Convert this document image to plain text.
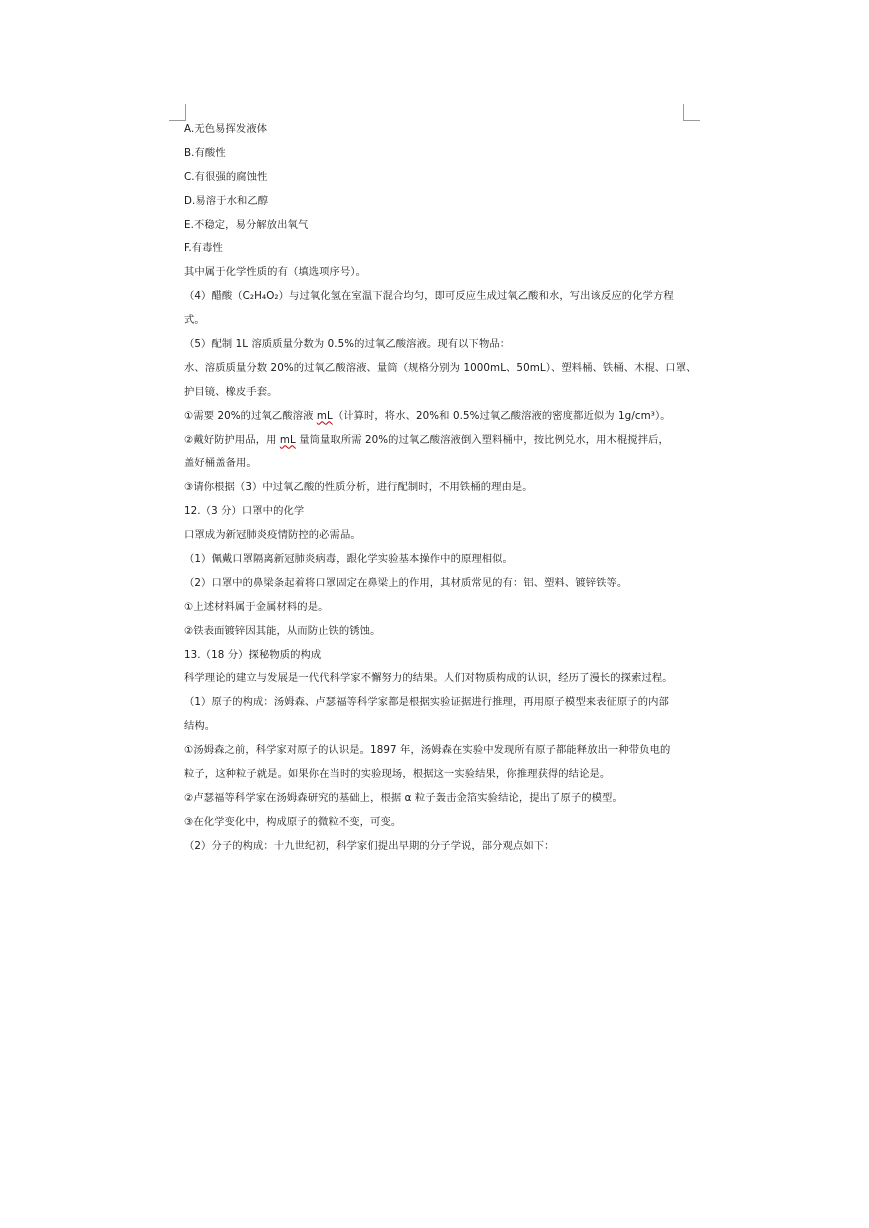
A.无色易挥发液体
B.有酸性
C.有很强的腐蚀性
D.易溶于水和乙醇
E.不稳定，易分解放出氧气
F.有毒性
其中属于化学性质的有（填选项序号）。
（4）醋酸（C₂H₄O₂）与过氧化氢在室温下混合均匀，即可反应生成过氧乙酸和水，写出该反应的化学方程
式。
（5）配制 1L 溶质质量分数为 0.5%的过氧乙酸溶液。现有以下物品：
水、溶质质量分数 20%的过氧乙酸溶液、量筒（规格分别为 1000mL、50mL）、塑料桶、铁桶、木棍、口罩、
护目镜、橡皮手套。
①需要 20%的过氧乙酸溶液 mL（计算时，将水、20%和 0.5%过氧乙酸溶液的密度都近似为 1g/cm³）。
②戴好防护用品，用 mL 量筒量取所需 20%的过氧乙酸溶液倒入塑料桶中，按比例兑水，用木棍搅拌后，
盖好桶盖备用。
③请你根据（3）中过氧乙酸的性质分析，进行配制时，不用铁桶的理由是。
12.（3 分）口罩中的化学
口罩成为新冠肺炎疫情防控的必需品。
（1）佩戴口罩隔离新冠肺炎病毒，跟化学实验基本操作中的原理相似。
（2）口罩中的鼻梁条起着将口罩固定在鼻梁上的作用，其材质常见的有：铝、塑料、镀锌铁等。
①上述材料属于金属材料的是。
②铁表面镀锌因其能，从而防止铁的锈蚀。
13.（18 分）探秘物质的构成
科学理论的建立与发展是一代代科学家不懈努力的结果。人们对物质构成的认识，经历了漫长的探索过程。
（1）原子的构成：汤姆森、卢瑟福等科学家都是根据实验证据进行推理，再用原子模型来表征原子的内部
结构。
①汤姆森之前，科学家对原子的认识是。1897 年，汤姆森在实验中发现所有原子都能释放出一种带负电的
粒子，这种粒子就是。如果你在当时的实验现场，根据这一实验结果，你推理获得的结论是。
②卢瑟福等科学家在汤姆森研究的基础上，根据 α 粒子轰击金箔实验结论，提出了原子的模型。
③在化学变化中，构成原子的微粒不变，可变。
（2）分子的构成：十九世纪初，科学家们提出早期的分子学说，部分观点如下：
